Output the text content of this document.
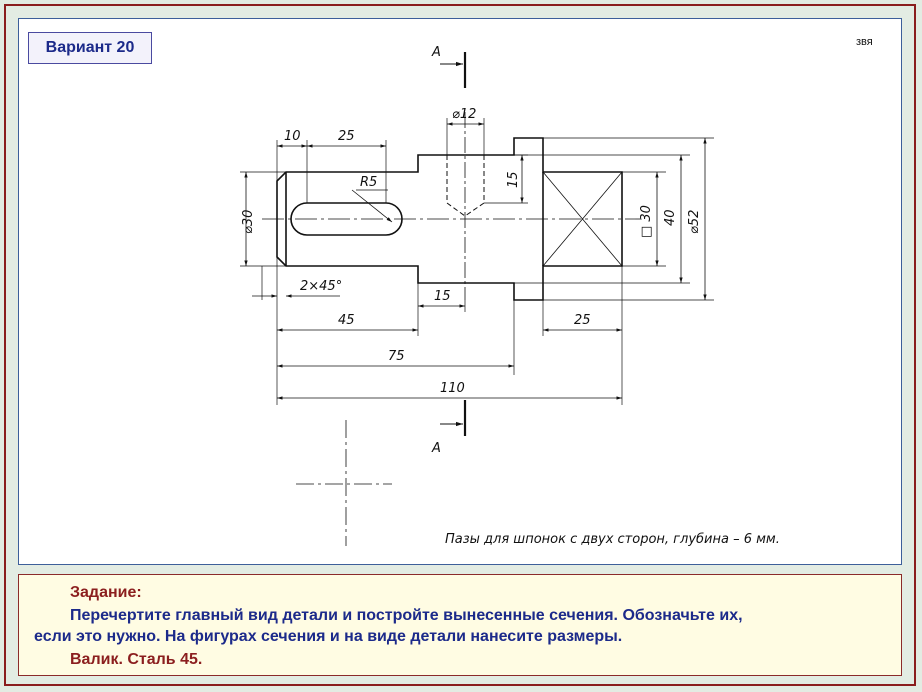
A
A
⌀12
10	25
R5	15
⌀30	□ 30 40 ⌀52
2×45°
15
45	25
75
110
Пазы для шпонок с двух сторон, глубина – 6 мм.
Вариант 20	звя
Задание:
Перечертите главный вид детали и постройте вынесенные сечения. Обозначьте их,
если это нужно. На фигурах сечения и на виде детали нанесите размеры.
Валик. Сталь 45.
